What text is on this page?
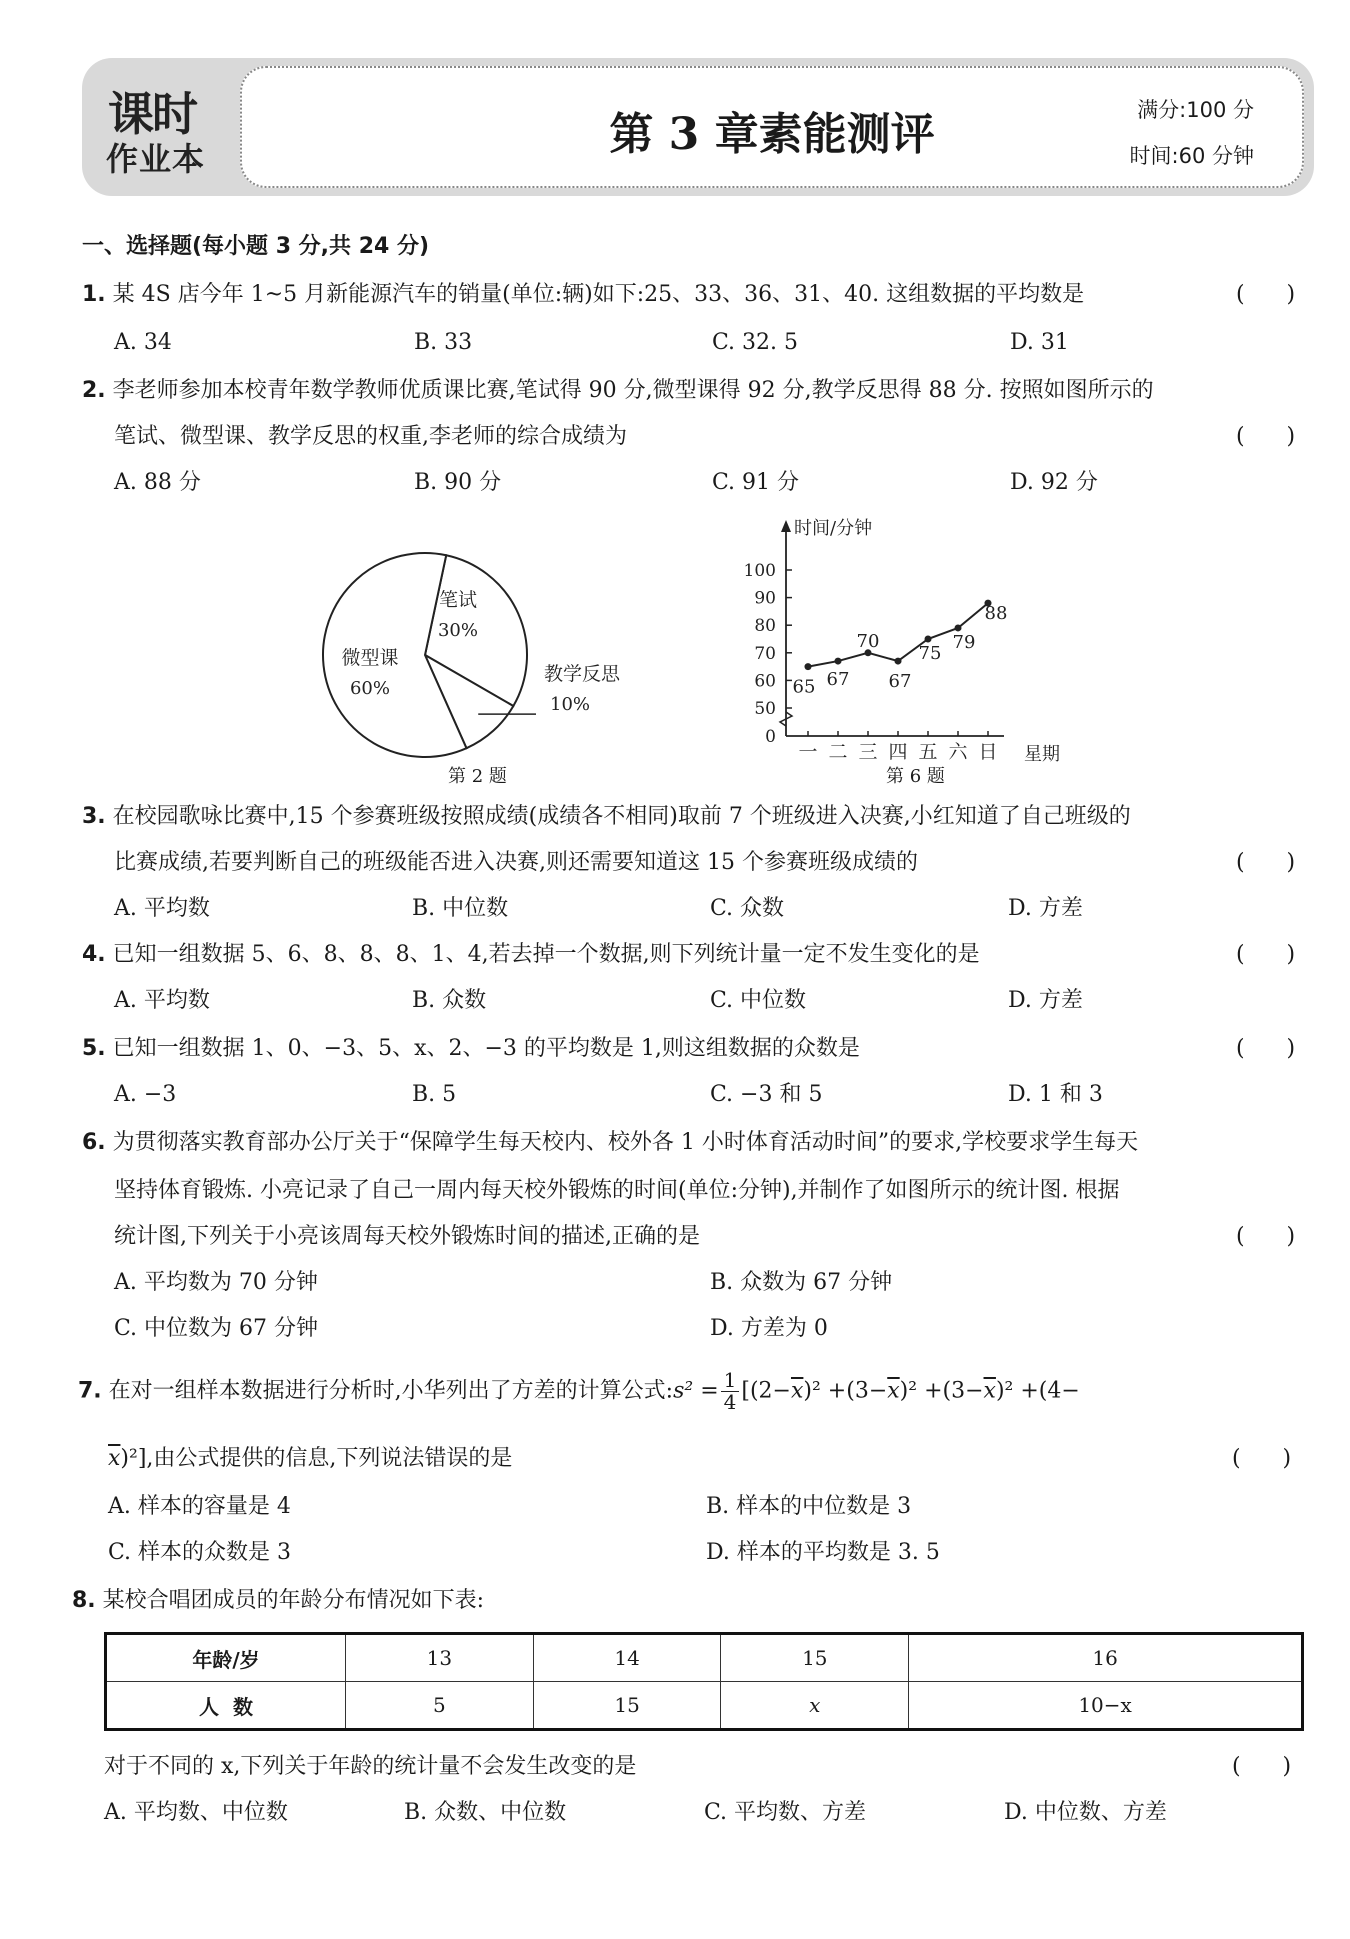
课时
作业本	第 3 章素能测评	满分:100 分
时间:60 分钟
一、选择题(每小题 3 分,共 24 分)
1. 某 4S 店今年 1~5 月新能源汽车的销量(单位:辆)如下:25、33、36、31、40. 这组数据的平均数是	(      )
A. 34	B. 33	C. 32. 5	D. 31
2. 李老师参加本校青年数学教师优质课比赛,笔试得 90 分,微型课得 92 分,教学反思得 88 分. 按照如图所示的
笔试、微型课、教学反思的权重,李老师的综合成绩为	(      )
A. 88 分	B. 90 分	C. 91 分	D. 92 分
笔试
30%
教学反思
10%
微型课
60%
第 2 题
时间/分钟
0
50
60
70
80
90
100
一 二 三 四 五 六 日 星期
65 67
70
67
75
79
88
第 6 题
3. 在校园歌咏比赛中,15 个参赛班级按照成绩(成绩各不相同)取前 7 个班级进入决赛,小红知道了自己班级的
比赛成绩,若要判断自己的班级能否进入决赛,则还需要知道这 15 个参赛班级成绩的	(      )
A. 平均数	B. 中位数	C. 众数	D. 方差
4. 已知一组数据 5、6、8、8、8、1、4,若去掉一个数据,则下列统计量一定不发生变化的是	(      )
A. 平均数	B. 众数	C. 中位数	D. 方差
5. 已知一组数据 1、0、−3、5、x、2、−3 的平均数是 1,则这组数据的众数是	(      )
A. −3	B. 5	C. −3 和 5	D. 1 和 3
6. 为贯彻落实教育部办公厅关于“保障学生每天校内、校外各 1 小时体育活动时间”的要求,学校要求学生每天
坚持体育锻炼. 小亮记录了自己一周内每天校外锻炼的时间(单位:分钟),并制作了如图所示的统计图. 根据
统计图,下列关于小亮该周每天校外锻炼时间的描述,正确的是	(      )
A. 平均数为 70 分钟	B. 众数为 67 分钟
C. 中位数为 67 分钟	D. 方差为 0
7. 在对一组样本数据进行分析时,小华列出了方差的计算公式:s² = $\frac{1}{4} [(2-\overline{x})^2 +(3-\overline{x})^2 +(3-\overline{x})^2 +(4-$
$\overline{x})^2$],由公式提供的信息,下列说法错误的是	(      )
A. 样本的容量是 4	B. 样本的中位数是 3
C. 样本的众数是 3	D. 样本的平均数是 3. 5
8. 某校合唱团成员的年龄分布情况如下表:
年龄/岁	13	14	15	16
人  数	5	15	x	10−x
对于不同的 x,下列关于年龄的统计量不会发生改变的是	(      )
A. 平均数、中位数	B. 众数、中位数	C. 平均数、方差	D. 中位数、方差
